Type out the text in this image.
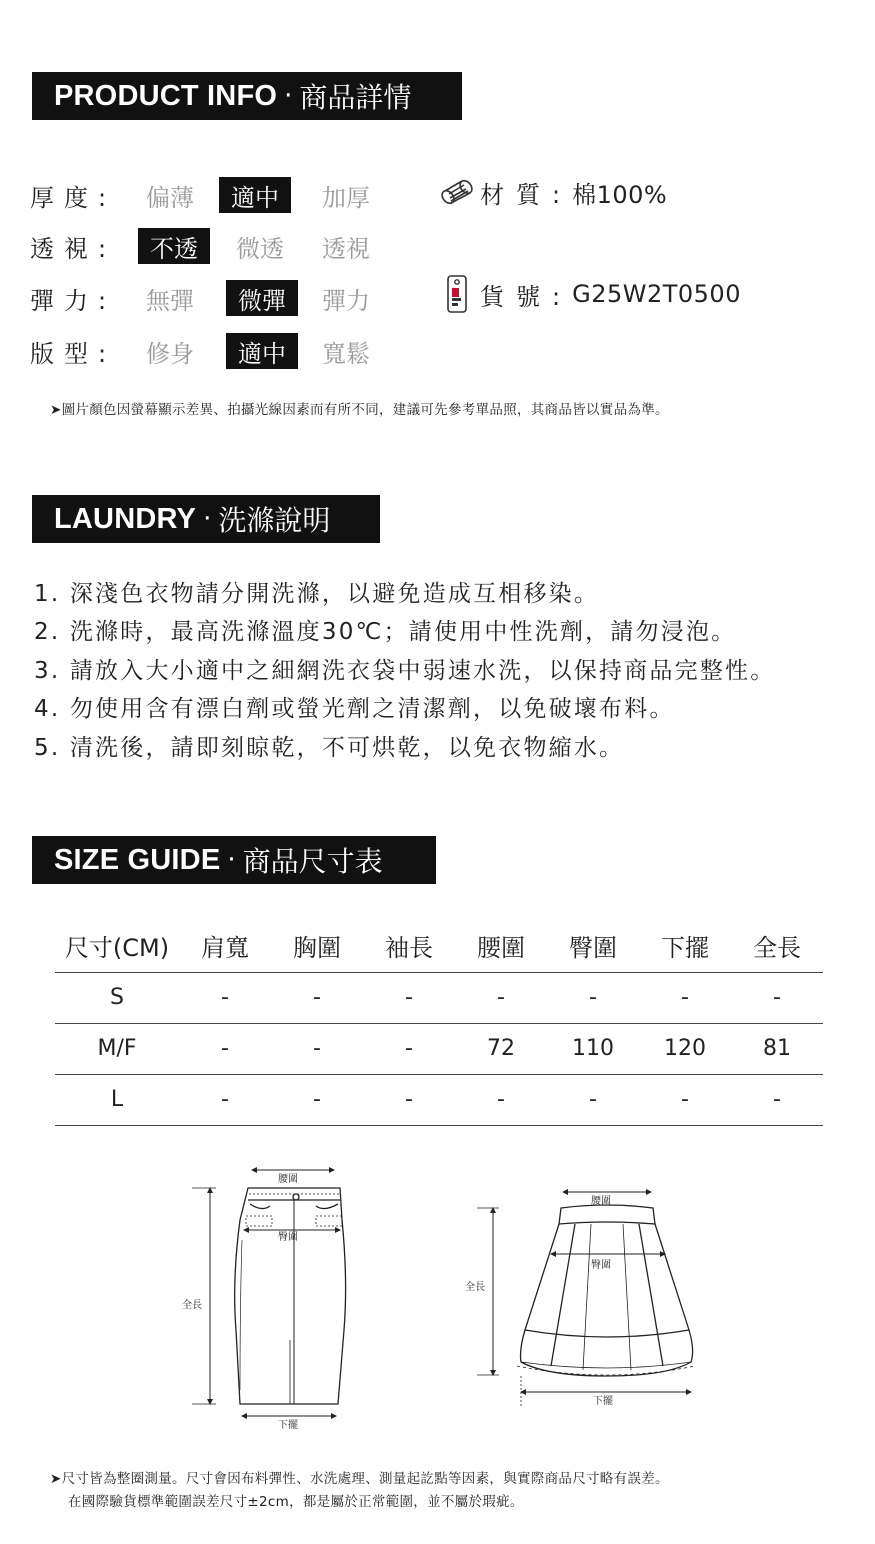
PRODUCT INFO · 商品詳情
厚度:	偏薄	適中	加厚
透視:	不透	微透	透視
彈力:	無彈	微彈	彈力
版型:	修身	適中	寬鬆
材質: 棉100%
貨號: G25W2T0500
➤圖片顏色因螢幕顯示差異、拍攝光線因素而有所不同，建議可先參考單品照，其商品皆以實品為準。
LAUNDRY · 洗滌說明
1. 深淺色衣物請分開洗滌，以避免造成互相移染。
2. 洗滌時，最高洗滌溫度30℃；請使用中性洗劑，請勿浸泡。
3. 請放入大小適中之細網洗衣袋中弱速水洗，以保持商品完整性。
4. 勿使用含有漂白劑或螢光劑之清潔劑，以免破壞布料。
5. 清洗後，請即刻晾乾，不可烘乾，以免衣物縮水。
SIZE GUIDE · 商品尺寸表
尺寸(CM)	肩寬	胸圍	袖長	腰圍	臀圍	下擺	全長
S	-	-	-	-	-	-	-
M/F	-	-	-	72	110	120	81
L	-	-	-	-	-	-	-
腰圍
臀圍
全長
下擺
腰圍
臀圍
全長
下擺
➤尺寸皆為整圈測量。尺寸會因布料彈性、水洗處理、測量起訖點等因素，與實際商品尺寸略有誤差。
在國際驗貨標準範圍誤差尺寸±2cm，都是屬於正常範圍，並不屬於瑕疵。
